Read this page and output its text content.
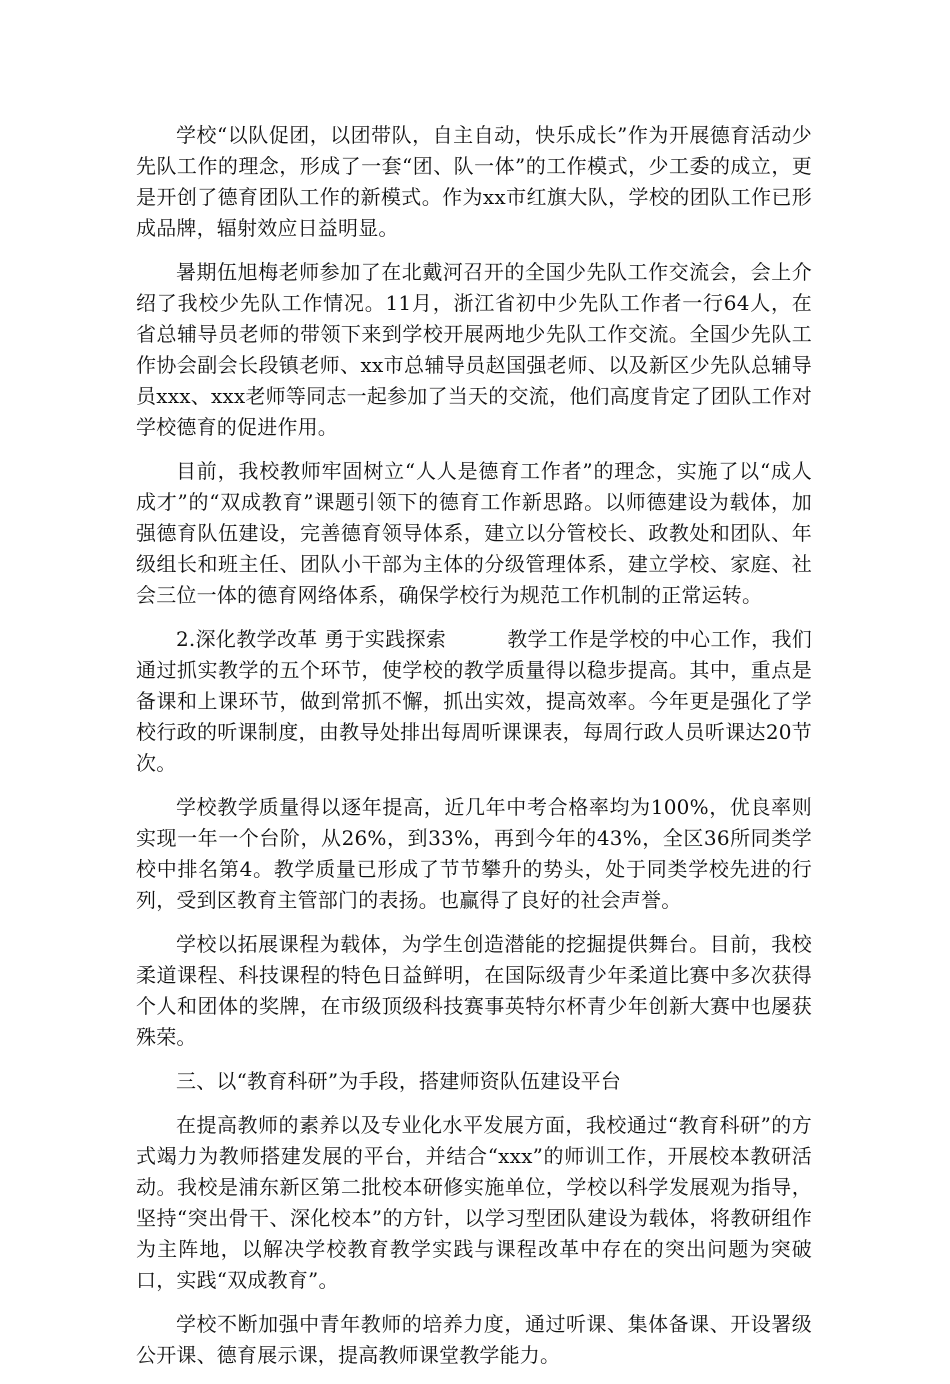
学校“以队促团，以团带队，自主自动，快乐成长”作为开展德育活动少先队工作的理念，形成了一套“团、队一体”的工作模式，少工委的成立，更是开创了德育团队工作的新模式。作为xx市红旗大队，学校的团队工作已形成品牌，辐射效应日益明显。

暑期伍旭梅老师参加了在北戴河召开的全国少先队工作交流会，会上介绍了我校少先队工作情况。11月，浙江省初中少先队工作者一行64人，在省总辅导员老师的带领下来到学校开展两地少先队工作交流。全国少先队工作协会副会长段镇老师、xx市总辅导员赵国强老师、以及新区少先队总辅导员xxx、xxx老师等同志一起参加了当天的交流，他们高度肯定了团队工作对学校德育的促进作用。

目前，我校教师牢固树立“人人是德育工作者”的理念，实施了以“成人成才”的“双成教育”课题引领下的德育工作新思路。以师德建设为载体，加强德育队伍建设，完善德育领导体系，建立以分管校长、政教处和团队、年级组长和班主任、团队小干部为主体的分级管理体系，建立学校、家庭、社会三位一体的德育网络体系，确保学校行为规范工作机制的正常运转。

2.深化教学改革 勇于实践探索　　　教学工作是学校的中心工作，我们通过抓实教学的五个环节，使学校的教学质量得以稳步提高。其中，重点是备课和上课环节，做到常抓不懈，抓出实效，提高效率。今年更是强化了学校行政的听课制度，由教导处排出每周听课课表，每周行政人员听课达20节次。

学校教学质量得以逐年提高，近几年中考合格率均为100%，优良率则实现一年一个台阶，从26%，到33%，再到今年的43%，全区36所同类学校中排名第4。教学质量已形成了节节攀升的势头，处于同类学校先进的行列，受到区教育主管部门的表扬。也赢得了良好的社会声誉。

学校以拓展课程为载体，为学生创造潜能的挖掘提供舞台。目前，我校柔道课程、科技课程的特色日益鲜明，在国际级青少年柔道比赛中多次获得个人和团体的奖牌，在市级顶级科技赛事英特尔杯青少年创新大赛中也屡获殊荣。

三、以“教育科研”为手段，搭建师资队伍建设平台

在提高教师的素养以及专业化水平发展方面，我校通过“教育科研”的方式竭力为教师搭建发展的平台，并结合“xxx”的师训工作，开展校本教研活动。我校是浦东新区第二批校本研修实施单位，学校以科学发展观为指导，坚持“突出骨干、深化校本”的方针，以学习型团队建设为载体，将教研组作为主阵地，以解决学校教育教学实践与课程改革中存在的突出问题为突破口，实践“双成教育”。

学校不断加强中青年教师的培养力度，通过听课、集体备课、开设署级公开课、德育展示课，提高教师课堂教学能力。
